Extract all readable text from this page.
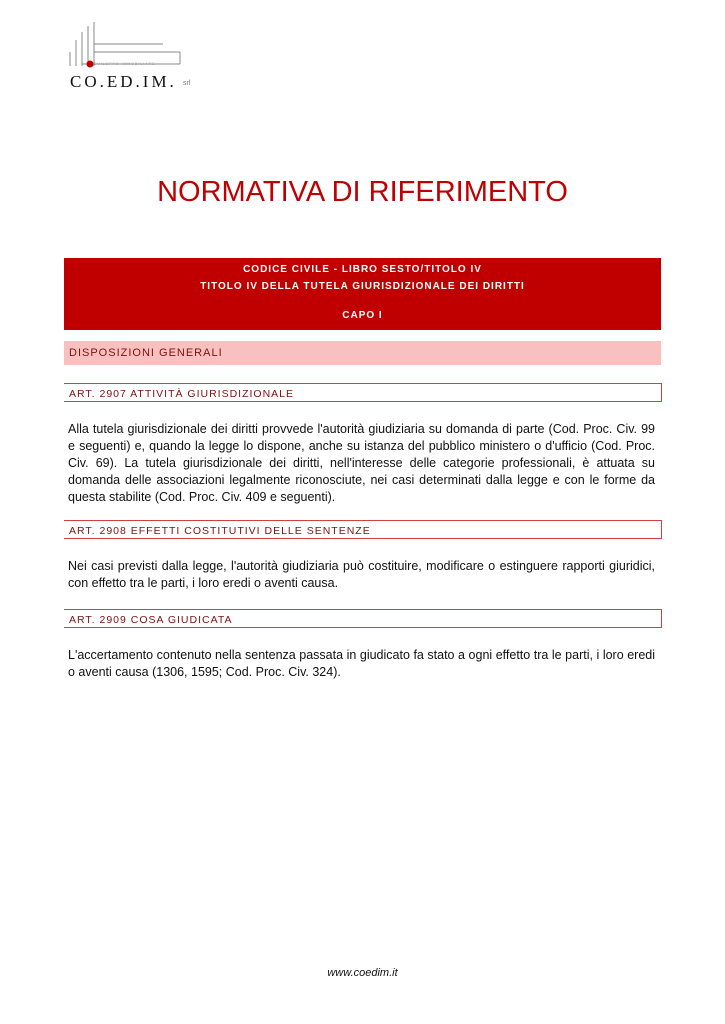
SVILUPPO IMMOBILIARE
CO.ED.IM. srl
NORMATIVA DI RIFERIMENTO
CODICE CIVILE - LIBRO SESTO/TITOLO IV
TITOLO IV DELLA TUTELA GIURISDIZIONALE DEI DIRITTI
CAPO I
DISPOSIZIONI GENERALI
ART. 2907 ATTIVITÀ GIURISDIZIONALE

Alla tutela giurisdizionale dei diritti provvede l'autorità giudiziaria su domanda di parte (Cod. Proc. Civ. 99 e seguenti) e, quando la legge lo dispone, anche su istanza del pubblico ministero o d'ufficio (Cod. Proc. Civ. 69). La tutela giurisdizionale dei diritti, nell'interesse delle categorie professionali, è attuata su domanda delle associazioni legalmente riconosciute, nei casi determinati dalla legge e con le forme da questa stabilite (Cod. Proc. Civ. 409 e seguenti).

ART. 2908 EFFETTI COSTITUTIVI DELLE SENTENZE

Nei casi previsti dalla legge, l'autorità giudiziaria può costituire, modificare o estinguere rapporti giuridici, con effetto tra le parti, i loro eredi o aventi causa.

ART. 2909 COSA GIUDICATA

L'accertamento contenuto nella sentenza passata in giudicato fa stato a ogni effetto tra le parti, i loro eredi o aventi causa (1306, 1595; Cod. Proc. Civ. 324).

www.coedim.it
